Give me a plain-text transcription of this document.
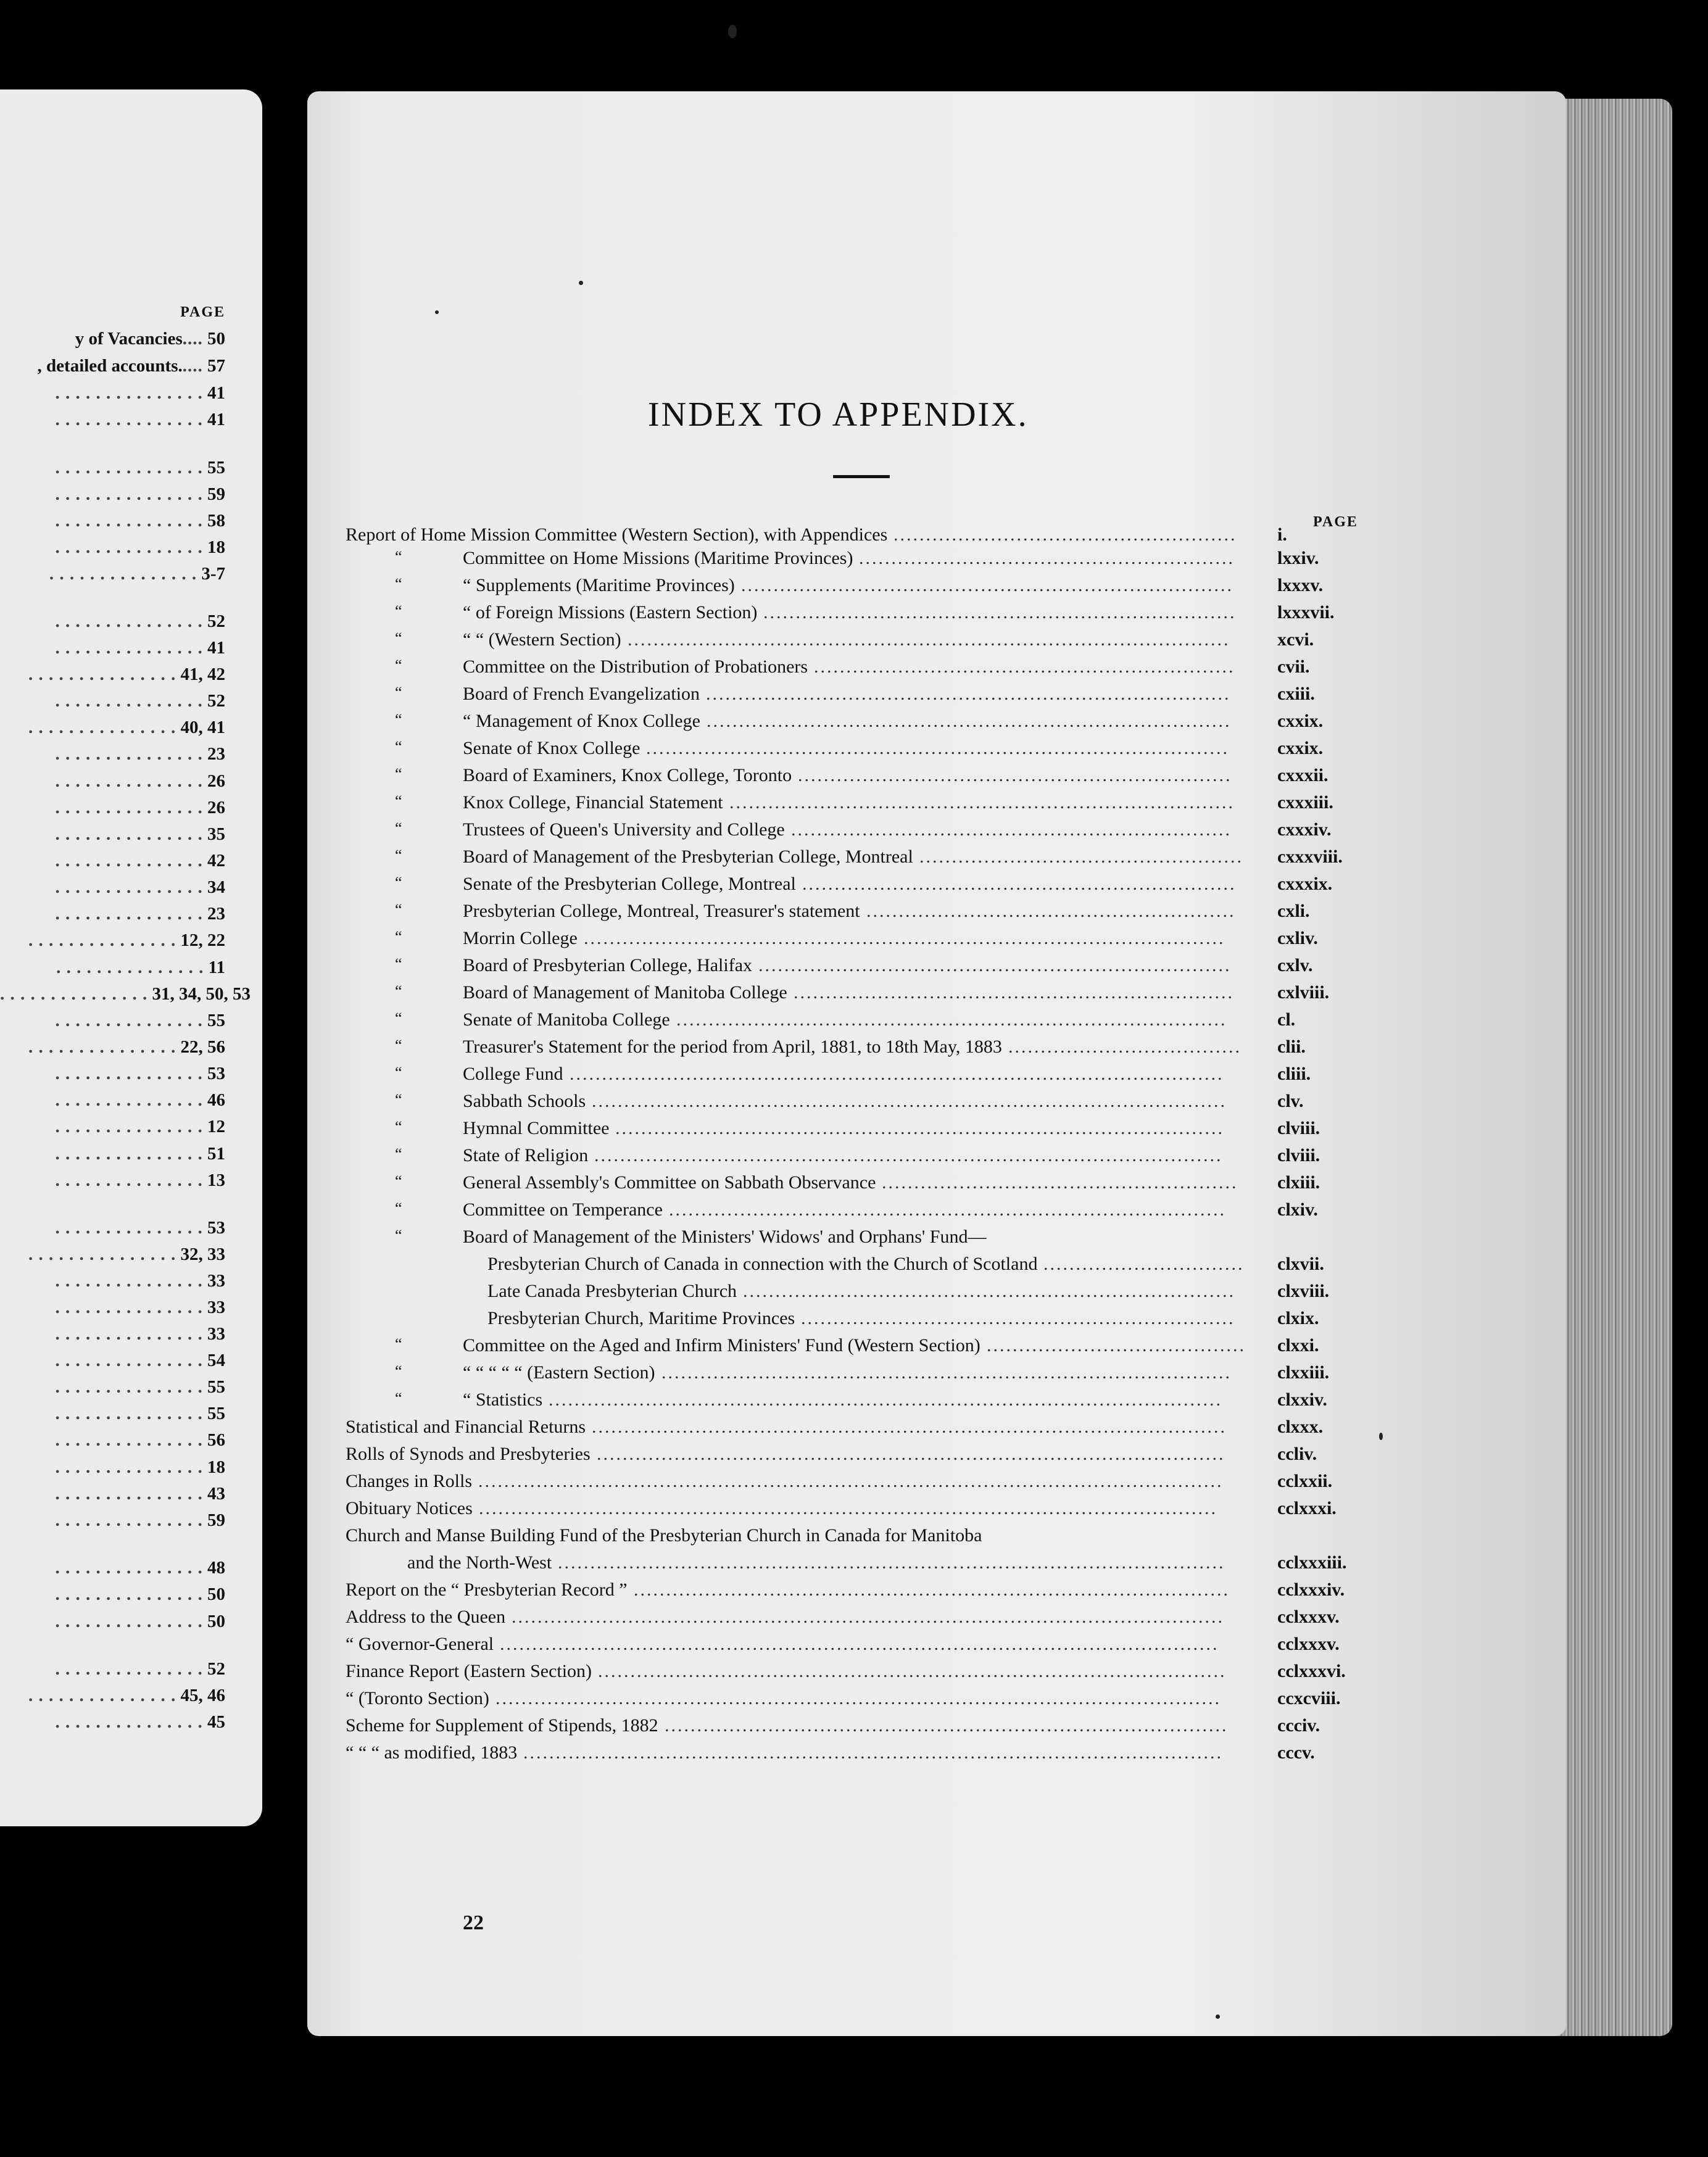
PAGE
y of Vacancies.... 50
, detailed accounts..... 57
. . . . . . . . . . . . . . . 41
. . . . . . . . . . . . . . . 41
. . . . . . . . . . . . . . . 55
. . . . . . . . . . . . . . . 59
. . . . . . . . . . . . . . . 58
. . . . . . . . . . . . . . . 18
. . . . . . . . . . . . . . . 3-7
. . . . . . . . . . . . . . . 52
. . . . . . . . . . . . . . . 41
. . . . . . . . . . . . . . . 41, 42
. . . . . . . . . . . . . . . 52
. . . . . . . . . . . . . . . 40, 41
. . . . . . . . . . . . . . . 23
. . . . . . . . . . . . . . . 26
. . . . . . . . . . . . . . . 26
. . . . . . . . . . . . . . . 35
. . . . . . . . . . . . . . . 42
. . . . . . . . . . . . . . . 34
. . . . . . . . . . . . . . . 23
. . . . . . . . . . . . . . . 12, 22
. . . . . . . . . . . . . . . 11
. . . . . . . . . . . . . . . 31, 34, 50, 53
. . . . . . . . . . . . . . . 55
. . . . . . . . . . . . . . . 22, 56
. . . . . . . . . . . . . . . 53
. . . . . . . . . . . . . . . 46
. . . . . . . . . . . . . . . 12
. . . . . . . . . . . . . . . 51
. . . . . . . . . . . . . . . 13
. . . . . . . . . . . . . . . 53
. . . . . . . . . . . . . . . 32, 33
. . . . . . . . . . . . . . . 33
. . . . . . . . . . . . . . . 33
. . . . . . . . . . . . . . . 33
. . . . . . . . . . . . . . . 54
. . . . . . . . . . . . . . . 55
. . . . . . . . . . . . . . . 55
. . . . . . . . . . . . . . . 56
. . . . . . . . . . . . . . . 18
. . . . . . . . . . . . . . . 43
. . . . . . . . . . . . . . . 59
. . . . . . . . . . . . . . . 48
. . . . . . . . . . . . . . . 50
. . . . . . . . . . . . . . . 50
. . . . . . . . . . . . . . . 52
. . . . . . . . . . . . . . . 45, 46
. . . . . . . . . . . . . . . 45
INDEX TO APPENDIX.
PAGE
Report of Home Mission Committee (Western Section), with Appendices .....................................................	i.
“	Committee on Home Missions (Maritime Provinces) ..........................................................	lxxiv.
“	“ Supplements (Maritime Provinces) ............................................................................	lxxxv.
“	“ of Foreign Missions (Eastern Section) .........................................................................	lxxxvii.
“	“ “ (Western Section) .............................................................................................	xcvi.
“	Committee on the Distribution of Probationers .................................................................	cvii.
“	Board of French Evangelization .................................................................................	cxiii.
“	“ Management of Knox College .................................................................................	cxxix.
“	Senate of Knox College ..........................................................................................	cxxix.
“	Board of Examiners, Knox College, Toronto ...................................................................	cxxxii.
“	Knox College, Financial Statement ..............................................................................	cxxxiii.
“	Trustees of Queen's University and College ....................................................................	cxxxiv.
“	Board of Management of the Presbyterian College, Montreal ..................................................	cxxxviii.
“	Senate of the Presbyterian College, Montreal ...................................................................	cxxxix.
“	Presbyterian College, Montreal, Treasurer's statement .........................................................	cxli.
“	Morrin College ...................................................................................................	cxliv.
“	Board of Presbyterian College, Halifax .........................................................................	cxlv.
“	Board of Management of Manitoba College ....................................................................	cxlviii.
“	Senate of Manitoba College .....................................................................................	cl.
“	Treasurer's Statement for the period from April, 1881, to 18th May, 1883 ....................................	clii.
“	College Fund .....................................................................................................	cliii.
“	Sabbath Schools ..................................................................................................	clv.
“	Hymnal Committee ..............................................................................................	clviii.
“	State of Religion .................................................................................................	clviii.
“	General Assembly's Committee on Sabbath Observance .......................................................	clxiii.
“	Committee on Temperance ......................................................................................	clxiv.
“	Board of Management of the Ministers' Widows' and Orphans' Fund—
Presbyterian Church of Canada in connection with the Church of Scotland ...............................	clxvii.
Late Canada Presbyterian Church ............................................................................	clxviii.
Presbyterian Church, Maritime Provinces ...................................................................	clxix.
“	Committee on the Aged and Infirm Ministers' Fund (Western Section) ........................................	clxxi.
“	“ “ “ “ “ (Eastern Section) ........................................................................................	clxxiii.
“	“ Statistics ........................................................................................................	clxxiv.
Statistical and Financial Returns ..................................................................................................	clxxx.
Rolls of Synods and Presbyteries .................................................................................................	ccliv.
Changes in Rolls ...................................................................................................................	cclxxii.
Obituary Notices ..................................................................................................................	cclxxxi.
Church and Manse Building Fund of the Presbyterian Church in Canada for Manitoba
and the North-West .......................................................................................................	cclxxxiii.
Report on the “ Presbyterian Record ” ............................................................................................	cclxxxiv.
Address to the Queen ..............................................................................................................	cclxxxv.
“ Governor-General ...............................................................................................................	cclxxxv.
Finance Report (Eastern Section) .................................................................................................	cclxxxvi.
“ (Toronto Section) ................................................................................................................	ccxcviii.
Scheme for Supplement of Stipends, 1882 .......................................................................................	ccciv.
“ “ “ as modified, 1883 ............................................................................................................	cccv.
22
